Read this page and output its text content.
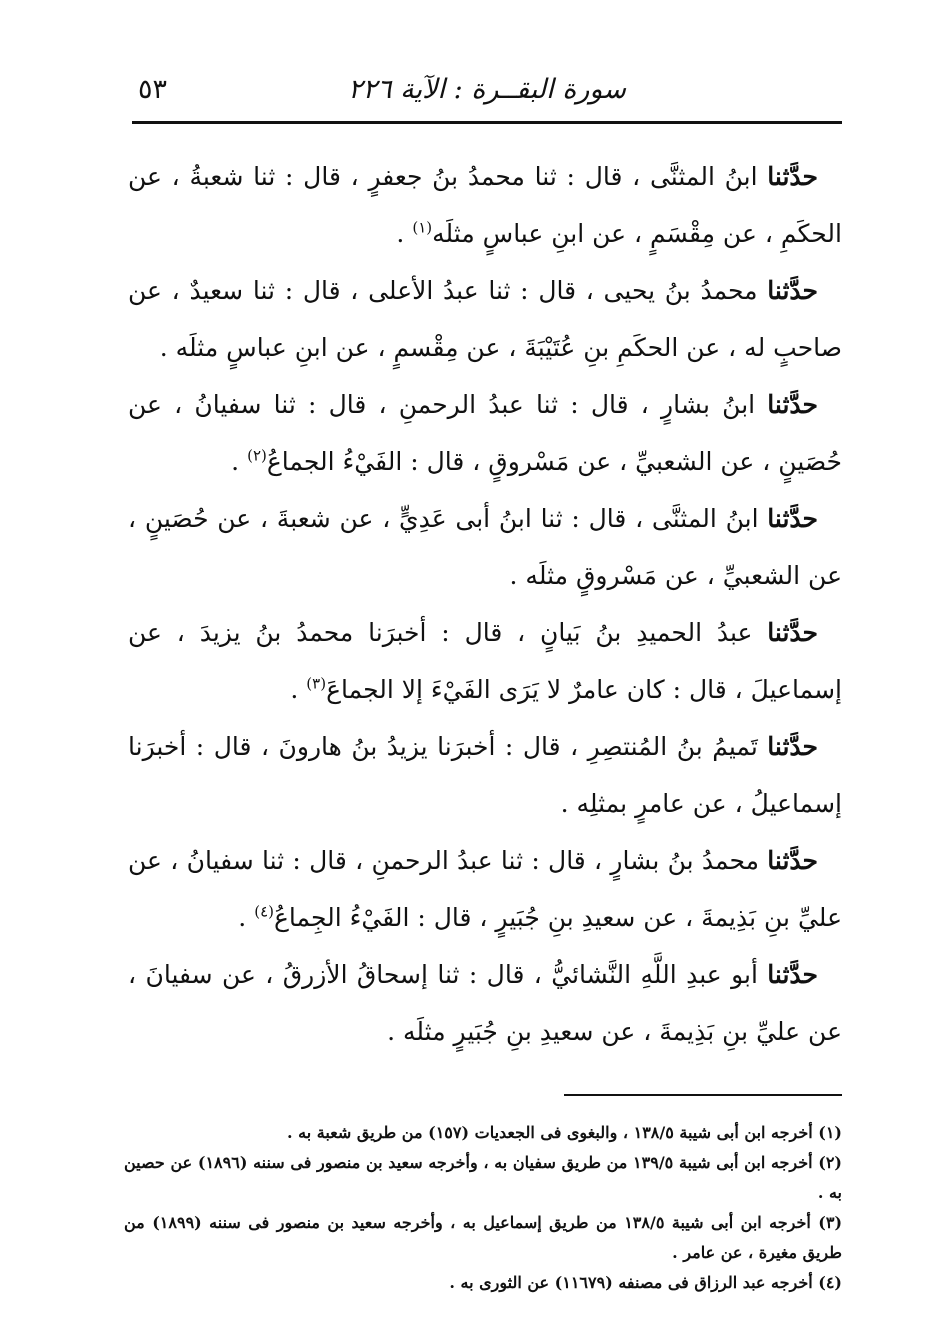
سورة البقــرة : الآية ٢٢٦
٥٣

حدَّثنا ابنُ المثنَّى ، قال : ثنا محمدُ بنُ جعفرٍ ، قال : ثنا شعبةُ ، عن الحكَمِ ، عن مِقْسَمٍ ، عن ابنِ عباسٍ مثلَه$^{(١)}$ .

حدَّثنا محمدُ بنُ يحيى ، قال : ثنا عبدُ الأعلى ، قال : ثنا سعيدٌ ، عن صاحبٍ له ، عن الحكَمِ بنِ عُتَيْبَةَ ، عن مِقْسمٍ ، عن ابنِ عباسٍ مثلَه .

حدَّثنا ابنُ بشارٍ ، قال : ثنا عبدُ الرحمنِ ، قال : ثنا سفيانُ ، عن حُصَينٍ ، عن الشعبيِّ ، عن مَسْروقٍ ، قال : الفَيْءُ الجماعُ$^{(٢)}$ .

حدَّثنا ابنُ المثنَّى ، قال : ثنا ابنُ أبى عَدِيٍّ ، عن شعبةَ ، عن حُصَينٍ ، عن الشعبيِّ ، عن مَسْروقٍ مثلَه .

حدَّثنا عبدُ الحميدِ بنُ بَيانٍ ، قال : أخبرَنا محمدُ بنُ يزيدَ ، عن إسماعيلَ ، قال : كان عامرٌ لا يَرَى الفَيْءَ إلا الجماعَ$^{(٣)}$ .

حدَّثنا تَميمُ بنُ المُنتصِرِ ، قال : أخبرَنا يزيدُ بنُ هارونَ ، قال : أخبرَنا إسماعيلُ ، عن عامرٍ بمثلِه .

حدَّثنا محمدُ بنُ بشارٍ ، قال : ثنا عبدُ الرحمنِ ، قال : ثنا سفيانُ ، عن عليِّ بنِ بَذِيمةَ ، عن سعيدِ بنِ جُبَيرٍ ، قال : الفَيْءُ الجِماعُ$^{(٤)}$ .

حدَّثنا أبو عبدِ اللَّهِ النَّشائيُّ ، قال : ثنا إسحاقُ الأزرقُ ، عن سفيانَ ، عن عليِّ بنِ بَذِيمةَ ، عن سعيدِ بنِ جُبَيرٍ مثلَه .

(١) أخرجه ابن أبى شيبة ١٣٨/٥ ، والبغوى فى الجعديات (١٥٧) من طريق شعبة به .

(٢) أخرجه ابن أبى شيبة ١٣٩/٥ من طريق سفيان به ، وأخرجه سعيد بن منصور فى سننه (١٨٩٦) عن حصين به .

(٣) أخرجه ابن أبى شيبة ١٣٨/٥ من طريق إسماعيل به ، وأخرجه سعيد بن منصور فى سننه (١٨٩٩) من طريق مغيرة ، عن عامر .

(٤) أخرجه عبد الرزاق فى مصنفه (١١٦٧٩) عن الثورى به .
